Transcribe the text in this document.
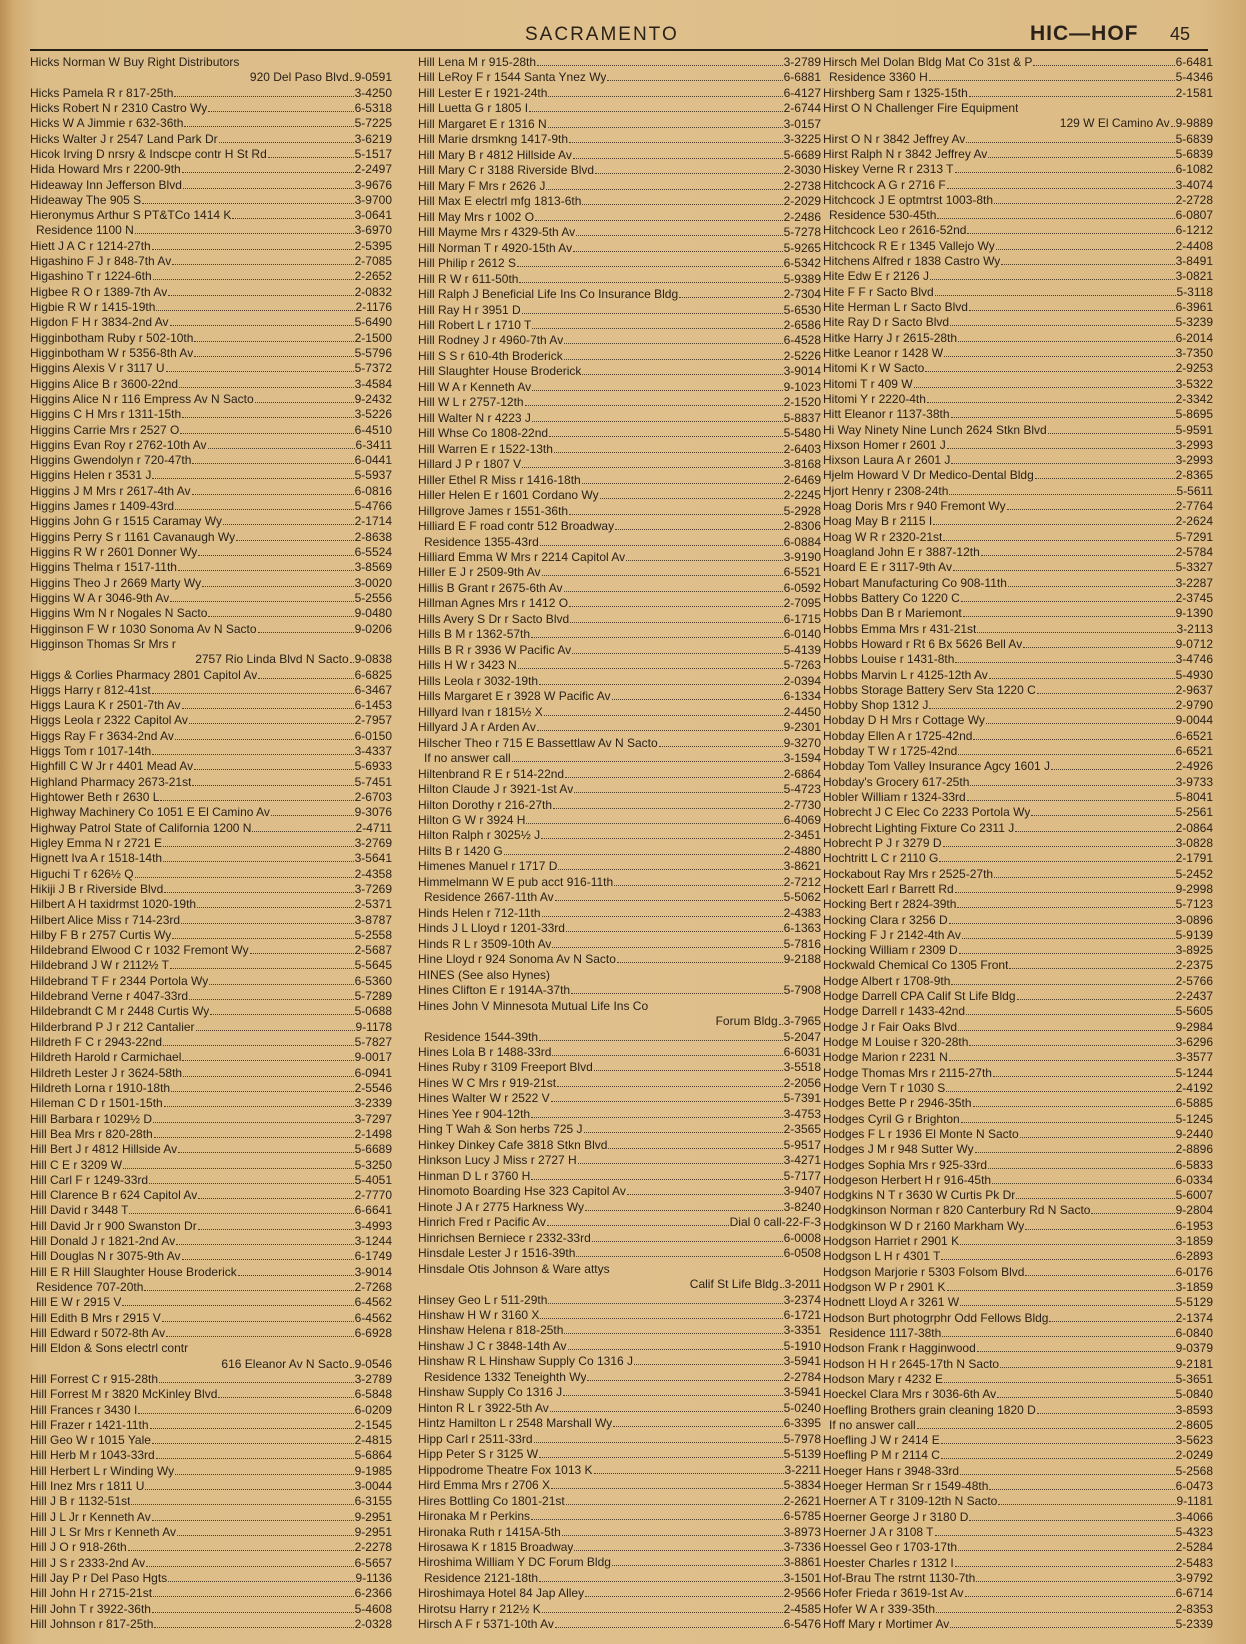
SACRAMENTO	HIC—HOF 45
Hicks Norman W Buy Right Distributors
920 Del Paso Blvd 9-0591
Hicks Pamela R r 817-25th	3-4250
Hicks Robert N r 2310 Castro Wy	6-5318
Hicks W A Jimmie r 632-36th	5-7225
Hicks Walter J r 2547 Land Park Dr	3-6219
Hicok Irving D nrsry & Indscpe contr H St Rd	5-1517
Hida Howard Mrs r 2200-9th	2-2497
Hideaway Inn Jefferson Blvd	3-9676
Hideaway The 905 S	3-9700
Hieronymus Arthur S PT&TCo 1414 K	3-0641
Residence 1100 N	3-6970
Hiett J A C r 1214-27th	2-5395
Higashino F J r 848-7th Av	2-7085
Higashino T r 1224-6th	2-2652
Higbee R O r 1389-7th Av	2-0832
Higbie R W r 1415-19th	2-1176
Higdon F H r 3834-2nd Av	5-6490
Higginbotham Ruby r 502-10th	2-1500
Higginbotham W r 5356-8th Av	5-5796
Higgins Alexis V r 3117 U	5-7372
Higgins Alice B r 3600-22nd	3-4584
Higgins Alice N r 116 Empress Av N Sacto	9-2432
Higgins C H Mrs r 1311-15th	3-5226
Higgins Carrie Mrs r 2527 O	6-4510
Higgins Evan Roy r 2762-10th Av	6-3411
Higgins Gwendolyn r 720-47th	6-0441
Higgins Helen r 3531 J	5-5937
Higgins J M Mrs r 2617-4th Av	6-0816
Higgins James r 1409-43rd	5-4766
Higgins John G r 1515 Caramay Wy	2-1714
Higgins Perry S r 1161 Cavanaugh Wy	2-8638
Higgins R W r 2601 Donner Wy	6-5524
Higgins Thelma r 1517-11th	3-8569
Higgins Theo J r 2669 Marty Wy	3-0020
Higgins W A r 3046-9th Av	5-2556
Higgins Wm N r Nogales N Sacto	9-0480
Higginson F W r 1030 Sonoma Av N Sacto	9-0206
Higginson Thomas Sr Mrs r
2757 Rio Linda Blvd N Sacto 9-0838
Higgs & Corlies Pharmacy 2801 Capitol Av	6-6825
Higgs Harry r 812-41st	6-3467
Higgs Laura K r 2501-7th Av	6-1453
Higgs Leola r 2322 Capitol Av	2-7957
Higgs Ray F r 3634-2nd Av	6-0150
Higgs Tom r 1017-14th	3-4337
Highfill C W Jr r 4401 Mead Av	5-6933
Highland Pharmacy 2673-21st	5-7451
Hightower Beth r 2630 L	2-6703
Highway Machinery Co 1051 E El Camino Av	9-3076
Highway Patrol State of California 1200 N	2-4711
Higley Emma N r 2721 E	3-2769
Hignett Iva A r 1518-14th	3-5641
Higuchi T r 626½ Q	2-4358
Hikiji J B r Riverside Blvd	3-7269
Hilbert A H taxidrmst 1020-19th	2-5371
Hilbert Alice Miss r 714-23rd	3-8787
Hilby F B r 2757 Curtis Wy	5-2558
Hildebrand Elwood C r 1032 Fremont Wy	2-5687
Hildebrand J W r 2112½ T	5-5645
Hildebrand T F r 2344 Portola Wy	6-5360
Hildebrand Verne r 4047-33rd	5-7289
Hildebrandt C M r 2448 Curtis Wy	5-0688
Hilderbrand P J r 212 Cantalier	9-1178
Hildreth F C r 2943-22nd	5-7827
Hildreth Harold r Carmichael	9-0017
Hildreth Lester J r 3624-58th	6-0941
Hildreth Lorna r 1910-18th	2-5546
Hileman C D r 1501-15th	3-2339
Hill Barbara r 1029½ D	3-7297
Hill Bea Mrs r 820-28th	2-1498
Hill Bert J r 4812 Hillside Av	5-6689
Hill C E r 3209 W	5-3250
Hill Carl F r 1249-33rd	5-4051
Hill Clarence B r 624 Capitol Av	2-7770
Hill David r 3448 T	6-6641
Hill David Jr r 900 Swanston Dr	3-4993
Hill Donald J r 1821-2nd Av	3-1244
Hill Douglas N r 3075-9th Av	6-1749
Hill E R Hill Slaughter House Broderick	3-9014
Residence 707-20th	2-7268
Hill E W r 2915 V	6-4562
Hill Edith B Mrs r 2915 V	6-4562
Hill Edward r 5072-8th Av	6-6928
Hill Eldon & Sons electrl contr
616 Eleanor Av N Sacto 9-0546
Hill Forrest C r 915-28th	3-2789
Hill Forrest M r 3820 McKinley Blvd	6-5848
Hill Frances r 3430 I	6-0209
Hill Frazer r 1421-11th	2-1545
Hill Geo W r 1015 Yale	2-4815
Hill Herb M r 1043-33rd	5-6864
Hill Herbert L r Winding Wy	9-1985
Hill Inez Mrs r 1811 U	3-0044
Hill J B r 1132-51st	6-3155
Hill J L Jr r Kenneth Av	9-2951
Hill J L Sr Mrs r Kenneth Av	9-2951
Hill J O r 918-26th	2-2278
Hill J S r 2333-2nd Av	6-5657
Hill Jay P r Del Paso Hgts	9-1136
Hill John H r 2715-21st	6-2366
Hill John T r 3922-36th	5-4608
Hill Johnson r 817-25th	2-0328
Hill Lena M r 915-28th	3-2789
Hill LeRoy F r 1544 Santa Ynez Wy	6-6881
Hill Lester E r 1921-24th	6-4127
Hill Luetta G r 1805 I	2-6744
Hill Margaret E r 1316 N	3-0157
Hill Marie drsmkng 1417-9th	3-3225
Hill Mary B r 4812 Hillside Av	5-6689
Hill Mary C r 3188 Riverside Blvd	2-3030
Hill Mary F Mrs r 2626 J	2-2738
Hill Max E electrl mfg 1813-6th	2-2029
Hill May Mrs r 1002 O	2-2486
Hill Mayme Mrs r 4329-5th Av	5-7278
Hill Norman T r 4920-15th Av	5-9265
Hill Philip r 2612 S	6-5342
Hill R W r 611-50th	5-9389
Hill Ralph J Beneficial Life Ins Co Insurance Bldg	2-7304
Hill Ray H r 3951 D	5-6530
Hill Robert L r 1710 T	2-6586
Hill Rodney J r 4960-7th Av	6-4528
Hill S S r 610-4th Broderick	2-5226
Hill Slaughter House Broderick	3-9014
Hill W A r Kenneth Av	9-1023
Hill W L r 2757-12th	2-1520
Hill Walter N r 4223 J	5-8837
Hill Whse Co 1808-22nd	5-5480
Hill Warren E r 1522-13th	2-6403
Hillard J P r 1807 V	3-8168
Hiller Ethel R Miss r 1416-18th	2-6469
Hiller Helen E r 1601 Cordano Wy	2-2245
Hillgrove James r 1551-36th	5-2928
Hilliard E F road contr 512 Broadway	2-8306
Residence 1355-43rd	6-0884
Hilliard Emma W Mrs r 2214 Capitol Av	3-9190
Hiller E J r 2509-9th Av	6-5521
Hillis B Grant r 2675-6th Av	6-0592
Hillman Agnes Mrs r 1412 O	2-7095
Hills Avery S Dr r Sacto Blvd	6-1715
Hills B M r 1362-57th	6-0140
Hills B R r 3936 W Pacific Av	5-4139
Hills H W r 3423 N	5-7263
Hills Leola r 3032-19th	2-0394
Hills Margaret E r 3928 W Pacific Av	6-1334
Hillyard Ivan r 1815½ X	2-4450
Hillyard J A r Arden Av	9-2301
Hilscher Theo r 715 E Bassettlaw Av N Sacto	9-3270
If no answer call	3-1594
Hiltenbrand R E r 514-22nd	2-6864
Hilton Claude J r 3921-1st Av	5-4723
Hilton Dorothy r 216-27th	2-7730
Hilton G W r 3924 H	6-4069
Hilton Ralph r 3025½ J	2-3451
Hilts B r 1420 G	2-4880
Himenes Manuel r 1717 D	3-8621
Himmelmann W E pub acct 916-11th	2-7212
Residence 2667-11th Av	5-5062
Hinds Helen r 712-11th	2-4383
Hinds J L Lloyd r 1201-33rd	6-1363
Hinds R L r 3509-10th Av	5-7816
Hine Lloyd r 924 Sonoma Av N Sacto	9-2188
HINES (See also Hynes)
Hines Clifton E r 1914A-37th	5-7908
Hines John V Minnesota Mutual Life Ins Co
Forum Bldg 3-7965
Residence 1544-39th	5-2047
Hines Lola B r 1488-33rd	6-6031
Hines Ruby r 3109 Freeport Blvd	3-5518
Hines W C Mrs r 919-21st	2-2056
Hines Walter W r 2522 V	5-7391
Hines Yee r 904-12th	3-4753
Hing T Wah & Son herbs 725 J	2-3565
Hinkey Dinkey Cafe 3818 Stkn Blvd	5-9517
Hinkson Lucy J Miss r 2727 H	3-4271
Hinman D L r 3760 H	5-7177
Hinomoto Boarding Hse 323 Capitol Av	3-9407
Hinote J A r 2775 Harkness Wy	3-8240
Hinrich Fred r Pacific Av	Dial 0 call-22-F-3
Hinrichsen Berniece r 2332-33rd	6-0008
Hinsdale Lester J r 1516-39th	6-0508
Hinsdale Otis Johnson & Ware attys
Calif St Life Bldg 3-2011
Hinsey Geo L r 511-29th	3-2374
Hinshaw H W r 3160 X	6-1721
Hinshaw Helena r 818-25th	3-3351
Hinshaw J C r 3848-14th Av	5-1910
Hinshaw R L Hinshaw Supply Co 1316 J	3-5941
Residence 1332 Teneighth Wy	2-2784
Hinshaw Supply Co 1316 J	3-5941
Hinton R L r 3922-5th Av	5-0240
Hintz Hamilton L r 2548 Marshall Wy	6-3395
Hipp Carl r 2511-33rd	5-7978
Hipp Peter S r 3125 W	5-5139
Hippodrome Theatre Fox 1013 K	3-2211
Hird Emma Mrs r 2706 X	5-3834
Hires Bottling Co 1801-21st	2-2621
Hironaka M r Perkins	6-5785
Hironaka Ruth r 1415A-5th	3-8973
Hirosawa K r 1815 Broadway	3-7336
Hiroshima William Y DC Forum Bldg	3-8861
Residence 2121-18th	3-1501
Hiroshimaya Hotel 84 Jap Alley	2-9566
Hirotsu Harry r 212½ K	2-4585
Hirsch A F r 5371-10th Av	6-5476
Hirsch Mel Dolan Bldg Mat Co 31st & P	6-6481
Residence 3360 H	5-4346
Hirshberg Sam r 1325-15th	2-1581
Hirst O N Challenger Fire Equipment
129 W El Camino Av 9-9889
Hirst O N r 3842 Jeffrey Av	5-6839
Hirst Ralph N r 3842 Jeffrey Av	5-6839
Hiskey Verne R r 2313 T	6-1082
Hitchcock A G r 2716 F	3-4074
Hitchcock J E optmtrst 1003-8th	2-2728
Residence 530-45th	6-0807
Hitchcock Leo r 2616-52nd	6-1212
Hitchcock R E r 1345 Vallejo Wy	2-4408
Hitchens Alfred r 1838 Castro Wy	3-8491
Hite Edw E r 2126 J	3-0821
Hite F F r Sacto Blvd	5-3118
Hite Herman L r Sacto Blvd	6-3961
Hite Ray D r Sacto Blvd	5-3239
Hitke Harry J r 2615-28th	6-2014
Hitke Leanor r 1428 W	3-7350
Hitomi K r W Sacto	2-9253
Hitomi T r 409 W	3-5322
Hitomi Y r 2220-4th	2-3342
Hitt Eleanor r 1137-38th	5-8695
Hi Way Ninety Nine Lunch 2624 Stkn Blvd	5-9591
Hixson Homer r 2601 J	3-2993
Hixson Laura A r 2601 J	3-2993
Hjelm Howard V Dr Medico-Dental Bldg	2-8365
Hjort Henry r 2308-24th	5-5611
Hoag Doris Mrs r 940 Fremont Wy	2-7764
Hoag May B r 2115 I	2-2624
Hoag W R r 2320-21st	5-7291
Hoagland John E r 3887-12th	2-5784
Hoard E E r 3117-9th Av	5-3327
Hobart Manufacturing Co 908-11th	3-2287
Hobbs Battery Co 1220 C	2-3745
Hobbs Dan B r Mariemont	9-1390
Hobbs Emma Mrs r 431-21st	3-2113
Hobbs Howard r Rt 6 Bx 5626 Bell Av	9-0712
Hobbs Louise r 1431-8th	3-4746
Hobbs Marvin L r 4125-12th Av	5-4930
Hobbs Storage Battery Serv Sta 1220 C	2-9637
Hobby Shop 1312 J	2-9790
Hobday D H Mrs r Cottage Wy	9-0044
Hobday Ellen A r 1725-42nd	6-6521
Hobday T W r 1725-42nd	6-6521
Hobday Tom Valley Insurance Agcy 1601 J	2-4926
Hobday's Grocery 617-25th	3-9733
Hobler William r 1324-33rd	5-8041
Hobrecht J C Elec Co 2233 Portola Wy	5-2561
Hobrecht Lighting Fixture Co 2311 J	2-0864
Hobrecht P J r 3279 D	3-0828
Hochtritt L C r 2110 G	2-1791
Hockabout Ray Mrs r 2525-27th	5-2452
Hockett Earl r Barrett Rd	9-2998
Hocking Bert r 2824-39th	5-7123
Hocking Clara r 3256 D	3-0896
Hocking F J r 2142-4th Av	5-9139
Hocking William r 2309 D	3-8925
Hockwald Chemical Co 1305 Front	2-2375
Hodge Albert r 1708-9th	2-5766
Hodge Darrell CPA Calif St Life Bldg	2-2437
Hodge Darrell r 1433-42nd	5-5605
Hodge J r Fair Oaks Blvd	9-2984
Hodge M Louise r 320-28th	3-6296
Hodge Marion r 2231 N	3-3577
Hodge Thomas Mrs r 2115-27th	5-1244
Hodge Vern T r 1030 S	2-4192
Hodges Bette P r 2946-35th	6-5885
Hodges Cyril G r Brighton	5-1245
Hodges F L r 1936 El Monte N Sacto	9-2440
Hodges J M r 948 Sutter Wy	2-8896
Hodges Sophia Mrs r 925-33rd	6-5833
Hodgeson Herbert H r 916-45th	6-0334
Hodgkins N T r 3630 W Curtis Pk Dr	5-6007
Hodgkinson Norman r 820 Canterbury Rd N Sacto	9-2804
Hodgkinson W D r 2160 Markham Wy	6-1953
Hodgson Harriet r 2901 K	3-1859
Hodgson L H r 4301 T	6-2893
Hodgson Marjorie r 5303 Folsom Blvd	6-0176
Hodgson W P r 2901 K	3-1859
Hodnett Lloyd A r 3261 W	5-5129
Hodson Burt photogrphr Odd Fellows Bldg	2-1374
Residence 1117-38th	6-0840
Hodson Frank r Hagginwood	9-0379
Hodson H H r 2645-17th N Sacto	9-2181
Hodson Mary r 4232 E	5-3651
Hoeckel Clara Mrs r 3036-6th Av	5-0840
Hoefling Brothers grain cleaning 1820 D	3-8593
If no answer call	2-8605
Hoefling J W r 2414 E	3-5623
Hoefling P M r 2114 C	2-0249
Hoeger Hans r 3948-33rd	5-2568
Hoeger Herman Sr r 1549-48th	6-0473
Hoerner A T r 3109-12th N Sacto	9-1181
Hoerner George J r 3180 D	3-4066
Hoerner J A r 3108 T	5-4323
Hoessel Geo r 1703-17th	2-5284
Hoester Charles r 1312 I	2-5483
Hof-Brau The rstrnt 1130-7th	3-9792
Hofer Frieda r 3619-1st Av	6-6714
Hofer W A r 339-35th	2-8353
Hoff Mary r Mortimer Av	5-2339
